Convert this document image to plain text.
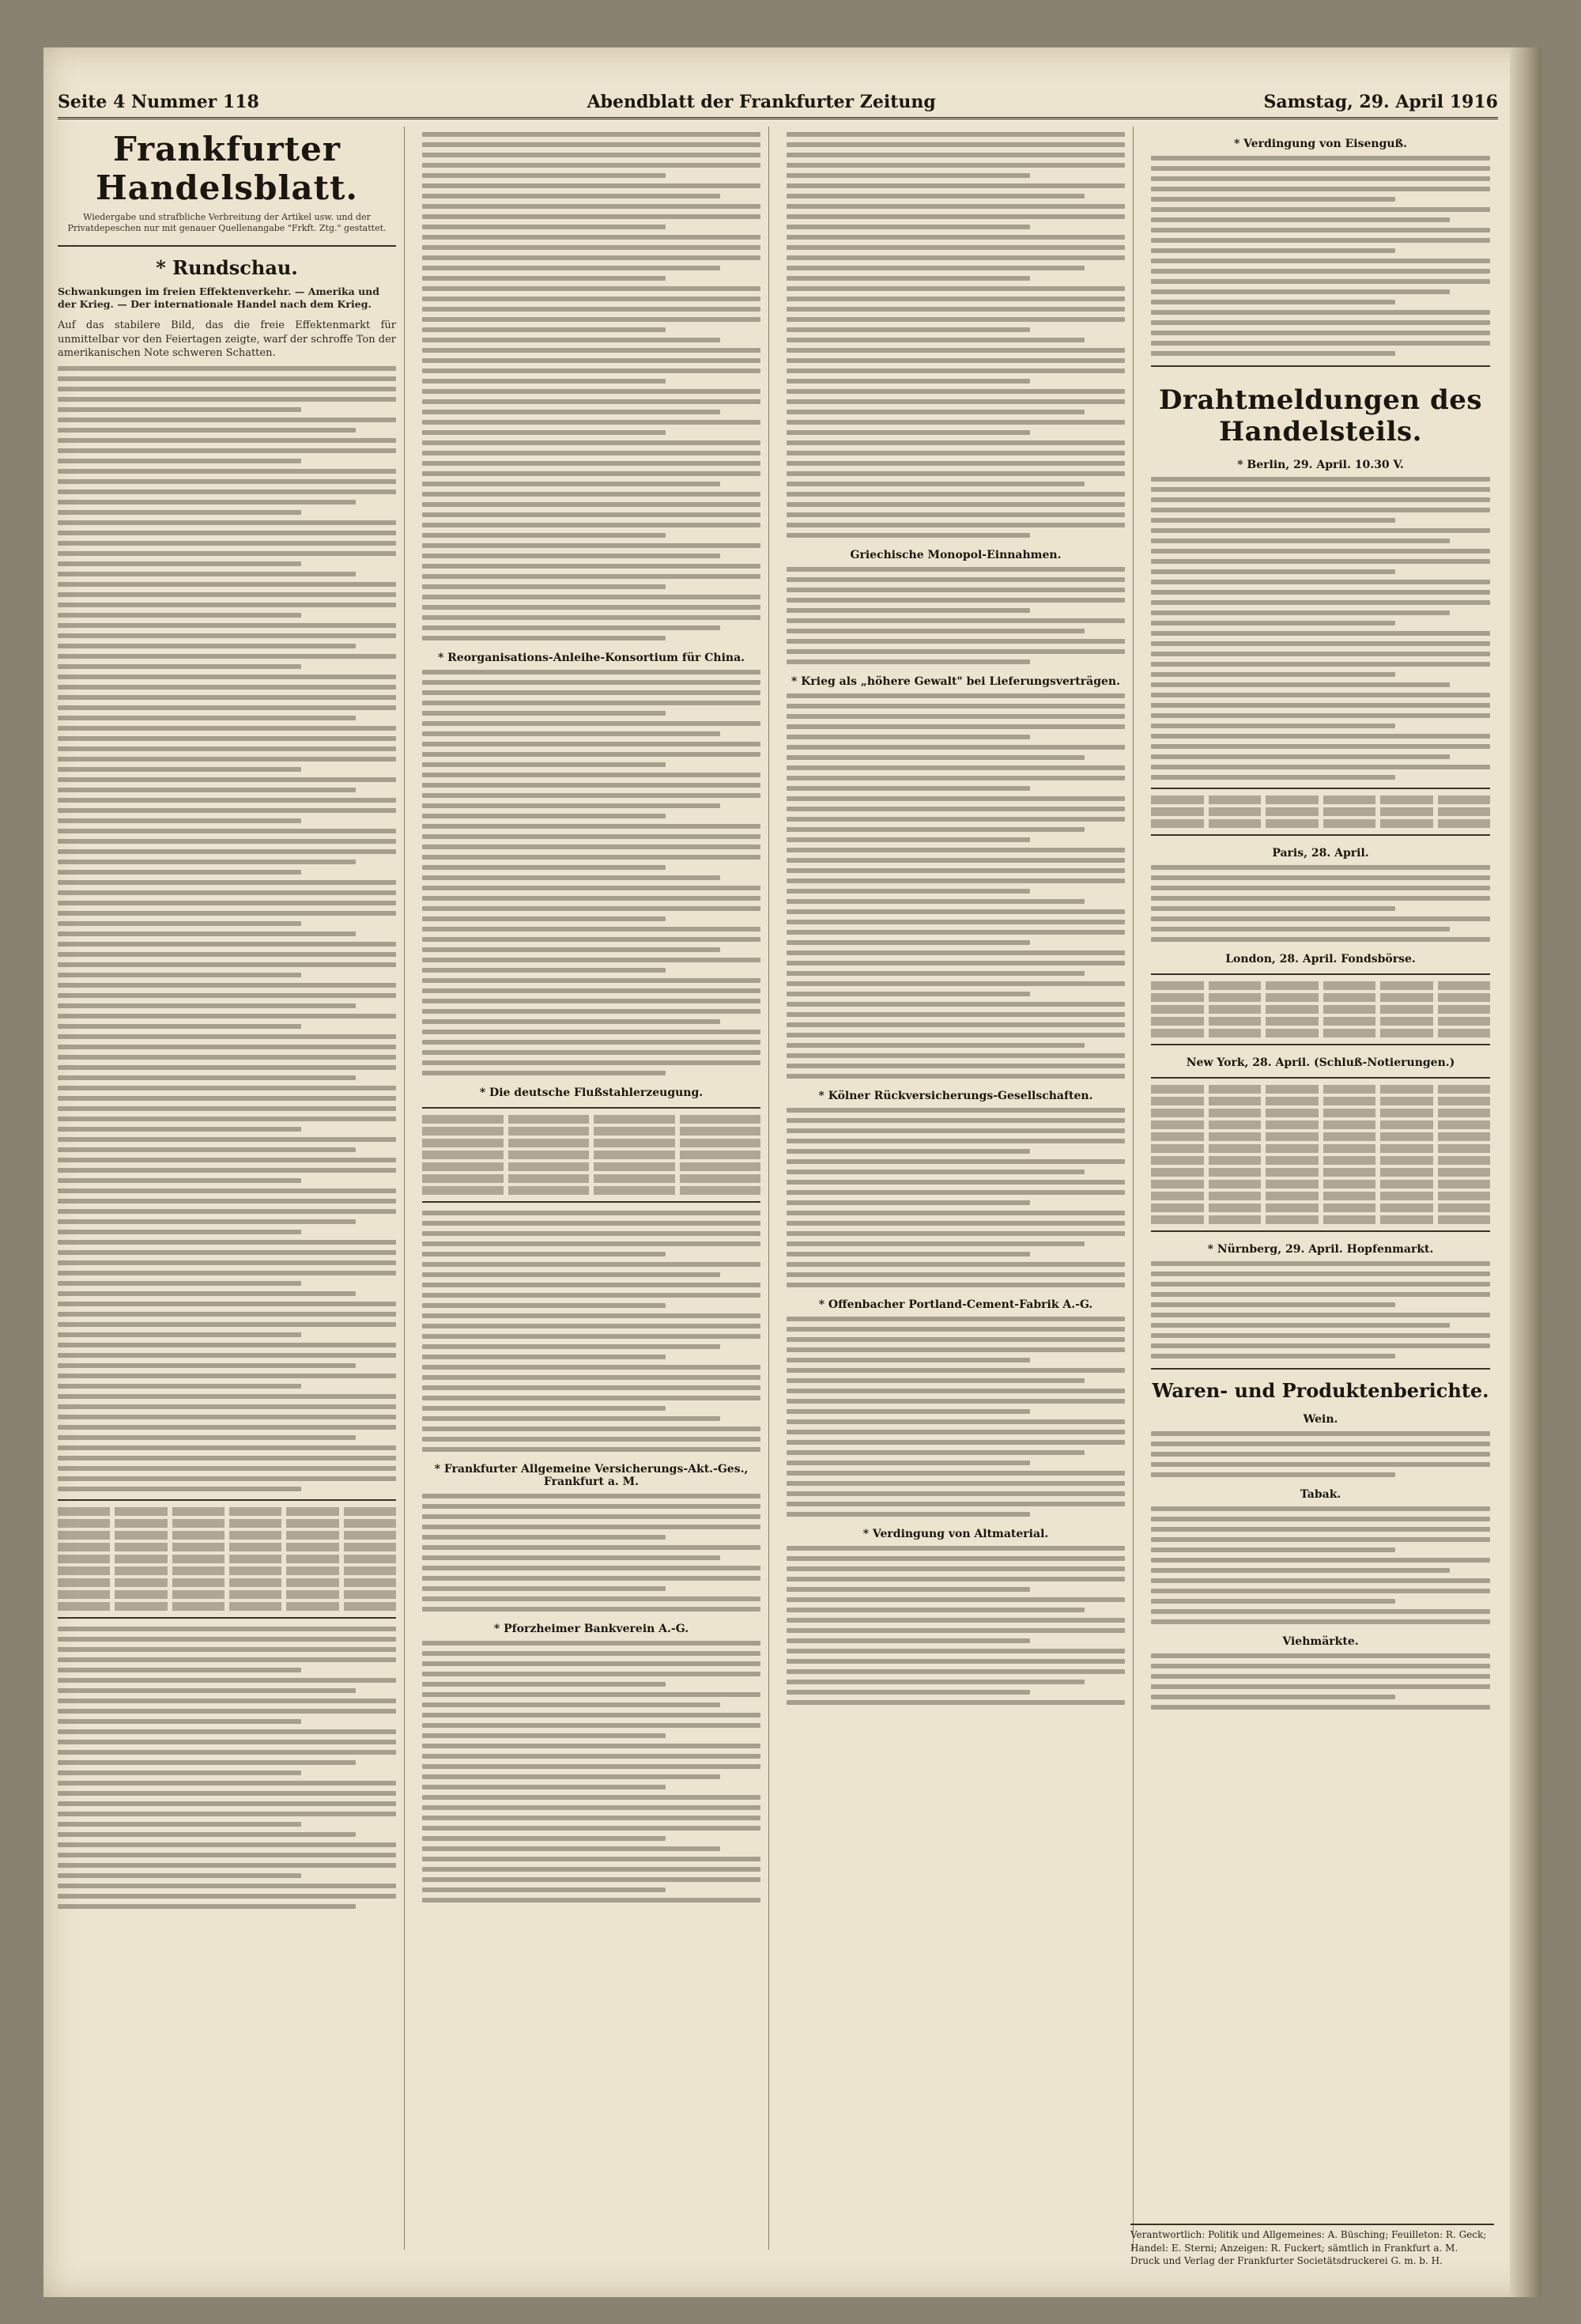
Seite 4 Nummer 118	Abendblatt der Frankfurter Zeitung	Samstag, 29. April 1916
Frankfurter Handelsblatt.
Wiedergabe und strafbliche Verbreitung der Artikel usw. und der Privatdepeschen nur mit genauer Quellenangabe "Frkft. Ztg." gestattet.
* Rundschau.
Schwankungen im freien Effektenverkehr. — Amerika und der Krieg. — Der internationale Handel nach dem Krieg.
Auf das stabilere Bild, das die freie Effektenmarkt für unmittelbar vor den Feiertagen zeigte, warf der schroffe Ton der amerikanischen Note schweren Schatten.
* Reorganisations-Anleihe-Konsortium für China.
* Die deutsche Flußstahlerzeugung.
* Frankfurter Allgemeine Versicherungs-Akt.-Ges., Frankfurt a. M.
* Pforzheimer Bankverein A.-G.
Griechische Monopol-Einnahmen.
* Krieg als „höhere Gewalt" bei Lieferungsverträgen.
* Kölner Rückversicherungs-Gesellschaften.
* Offenbacher Portland-Cement-Fabrik A.-G.
* Verdingung von Altmaterial.
* Verdingung von Eisenguß.
Drahtmeldungen des Handelsteils.
* Berlin, 29. April. 10.30 V.
Paris, 28. April.
London, 28. April. Fondsbörse.
New York, 28. April. (Schluß-Notierungen.)
* Nürnberg, 29. April. Hopfenmarkt.
Waren- und Produktenberichte.
Wein.
Tabak.
Viehmärkte.
Verantwortlich: Politik und Allgemeines: A. Büsching; Feuilleton: R. Geck; Handel: E. Sterni; Anzeigen: R. Fuckert; sämtlich in Frankfurt a. M.
Druck und Verlag der Frankfurter Societätsdruckerei G. m. b. H.
